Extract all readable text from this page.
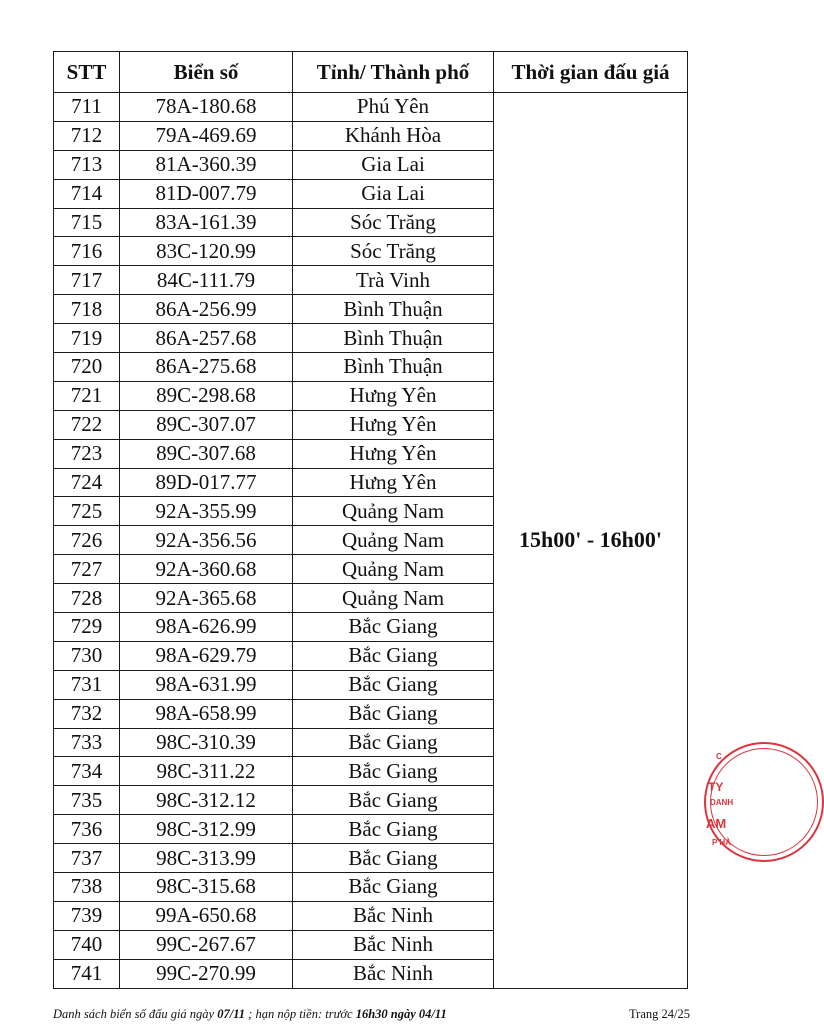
STT	Biển số	Tỉnh/ Thành phố	Thời gian đấu giá
711	78A-180.68	Phú Yên	15h00' - 16h00'
712	79A-469.69	Khánh Hòa	
713	81A-360.39	Gia Lai	
714	81D-007.79	Gia Lai	
715	83A-161.39	Sóc Trăng	
716	83C-120.99	Sóc Trăng	
717	84C-111.79	Trà Vinh	
718	86A-256.99	Bình Thuận	
719	86A-257.68	Bình Thuận	
720	86A-275.68	Bình Thuận	
721	89C-298.68	Hưng Yên	
722	89C-307.07	Hưng Yên	
723	89C-307.68	Hưng Yên	
724	89D-017.77	Hưng Yên	
725	92A-355.99	Quảng Nam	
726	92A-356.56	Quảng Nam	
727	92A-360.68	Quảng Nam	
728	92A-365.68	Quảng Nam	
729	98A-626.99	Bắc Giang	
730	98A-629.79	Bắc Giang	
731	98A-631.99	Bắc Giang	
732	98A-658.99	Bắc Giang	
733	98C-310.39	Bắc Giang	
734	98C-311.22	Bắc Giang	
735	98C-312.12	Bắc Giang	
736	98C-312.99	Bắc Giang	
737	98C-313.99	Bắc Giang	
738	98C-315.68	Bắc Giang	
739	99A-650.68	Bắc Ninh	
740	99C-267.67	Bắc Ninh	
741	99C-270.99	Bắc Ninh	
Danh sách biển số đấu giá ngày 07/11 ; hạn nộp tiền: trước 16h30 ngày 04/11	Trang 24/25
C
TY
DANH
AM
P HÀ
